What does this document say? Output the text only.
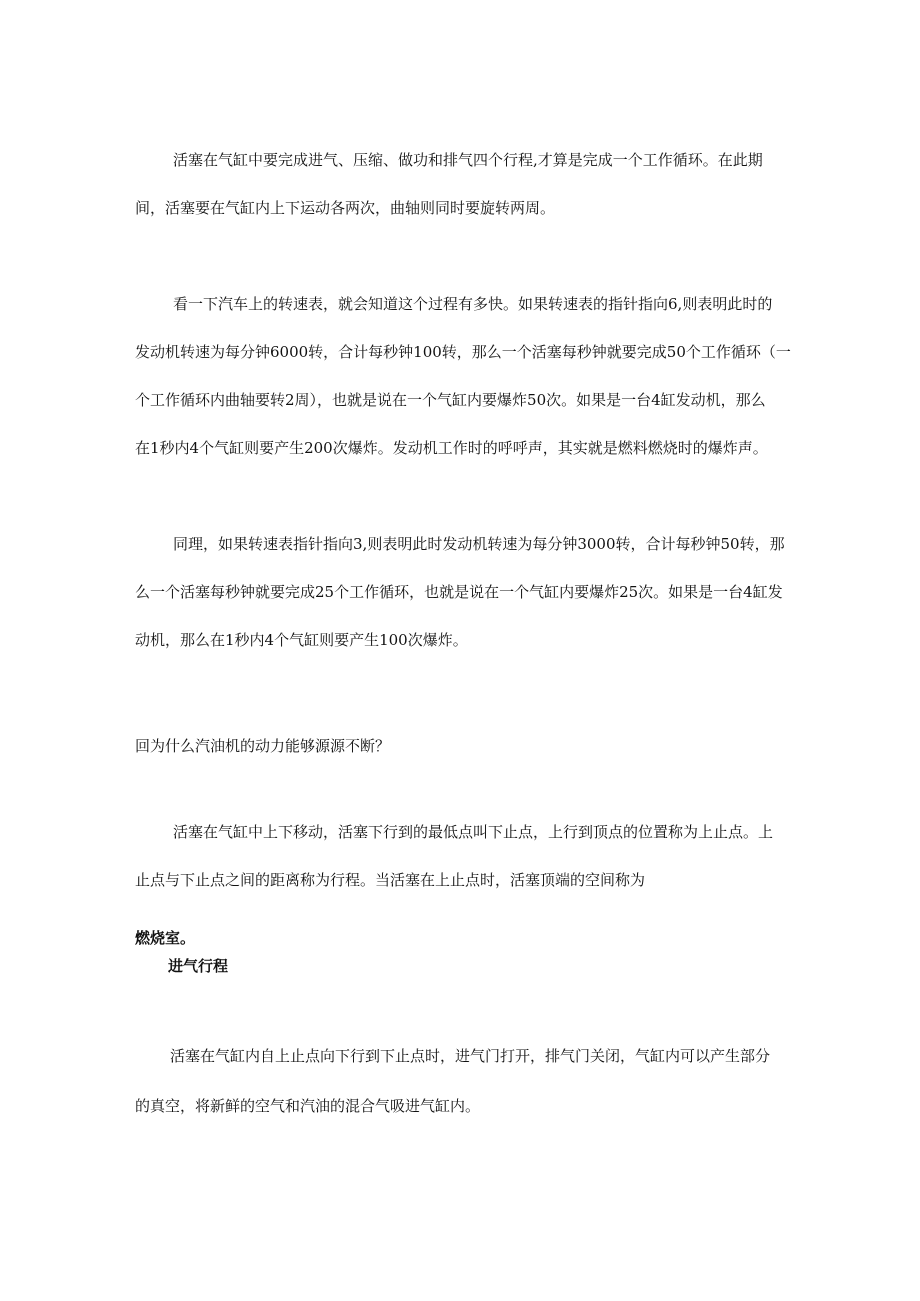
活塞在气缸中要完成进气、压缩、做功和排气四个行程,才算是完成一个工作循环。在此期
间，活塞要在气缸内上下运动各两次，曲轴则同时要旋转两周。
看一下汽车上的转速表，就会知道这个过程有多快。如果转速表的指针指向6,则表明此时的
发动机转速为每分钟6000转，合计每秒钟100转，那么一个活塞每秒钟就要完成50个工作循环（一
个工作循环内曲轴要转2周），也就是说在一个气缸内要爆炸50次。如果是一台4缸发动机，那么
在1秒内4个气缸则要产生200次爆炸。发动机工作时的呼呼声，其实就是燃料燃烧时的爆炸声。
同理，如果转速表指针指向3,则表明此时发动机转速为每分钟3000转，合计每秒钟50转，那
么一个活塞每秒钟就要完成25个工作循环，也就是说在一个气缸内要爆炸25次。如果是一台4缸发
动机，那么在1秒内4个气缸则要产生100次爆炸。
回为什么汽油机的动力能够源源不断？
活塞在气缸中上下移动，活塞下行到的最低点叫下止点，上行到顶点的位置称为上止点。上
止点与下止点之间的距离称为行程。当活塞在上止点时，活塞顶端的空间称为
燃烧室。
进气行程
活塞在气缸内自上止点向下行到下止点时，进气门打开，排气门关闭，气缸内可以产生部分
的真空，将新鲜的空气和汽油的混合气吸进气缸内。
